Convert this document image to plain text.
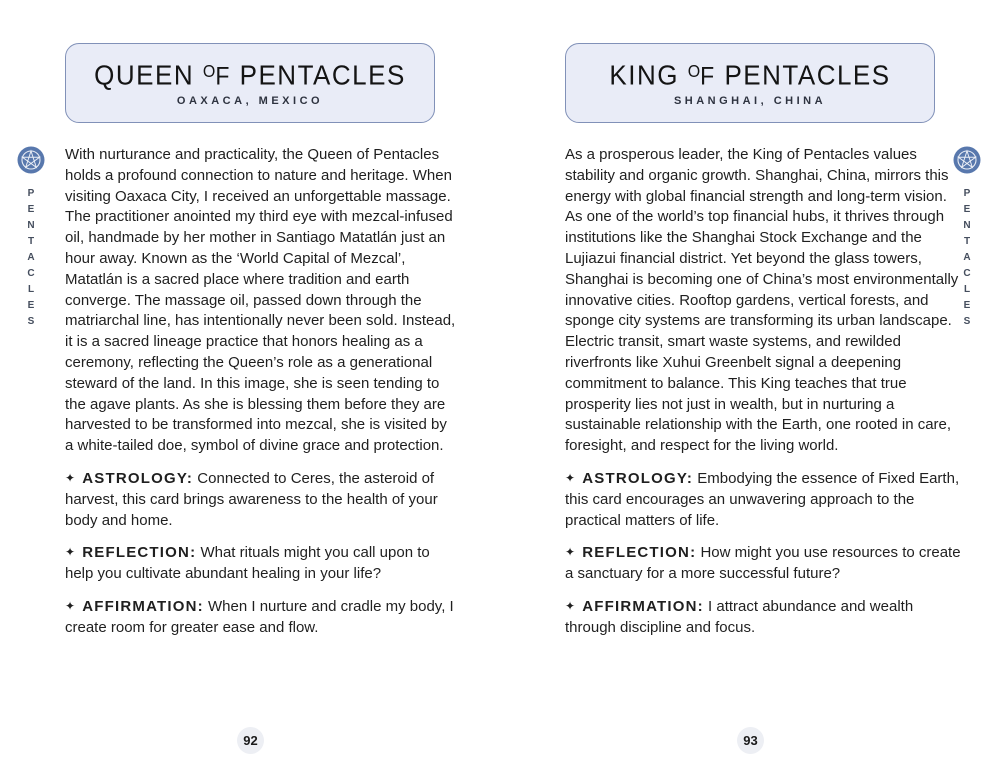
QUEEN $^O$F PENTACLES
OAXACA, MEXICO

With nurturance and practicality, the Queen of Pentacles holds a profound connection to nature and heritage. When visiting Oaxaca City, I received an unforgettable massage. The practitioner anointed my third eye with mezcal-infused oil, handmade by her mother in Santiago Matatlán just an hour away. Known as the ‘World Capital of Mezcal’, Matatlán is a sacred place where tradition and earth converge. The massage oil, passed down through the matriarchal line, has intentionally never been sold. Instead, it is a sacred lineage practice that honors healing as a ceremony, reflecting the Queen’s role as a generational steward of the land. In this image, she is seen tending to the agave plants. As she is blessing them before they are harvested to be transformed into mezcal, she is visited by a white-tailed doe, symbol of divine grace and protection.

✦ ASTROLOGY: Connected to Ceres, the asteroid of harvest, this card brings awareness to the health of your body and home.

✦ REFLECTION: What rituals might you call upon to help you cultivate abundant healing in your life?

✦ AFFIRMATION: When I nurture and cradle my body, I create room for greater ease and flow.

KING $^O$F PENTACLES
SHANGHAI, CHINA

As a prosperous leader, the King of Pentacles values stability and organic growth. Shanghai, China, mirrors this energy with global financial strength and long-term vision. As one of the world’s top financial hubs, it thrives through institutions like the Shanghai Stock Exchange and the Lujiazui financial district. Yet beyond the glass towers, Shanghai is becoming one of China’s most environmentally innovative cities. Rooftop gardens, vertical forests, and sponge city systems are transforming its urban landscape. Electric transit, smart waste systems, and rewilded riverfronts like Xuhui Greenbelt signal a deepening commitment to balance. This King teaches that true prosperity lies not just in wealth, but in nurturing a sustainable relationship with the Earth, one rooted in care, foresight, and respect for the living world.

✦ ASTROLOGY: Embodying the essence of Fixed Earth, this card encourages an unwavering approach to the practical matters of life.

✦ REFLECTION: How might you use resources to create a sanctuary for a more successful future?

✦ AFFIRMATION: I attract abundance and wealth through discipline and focus.

PENTACLES	PENTACLES
92	93
